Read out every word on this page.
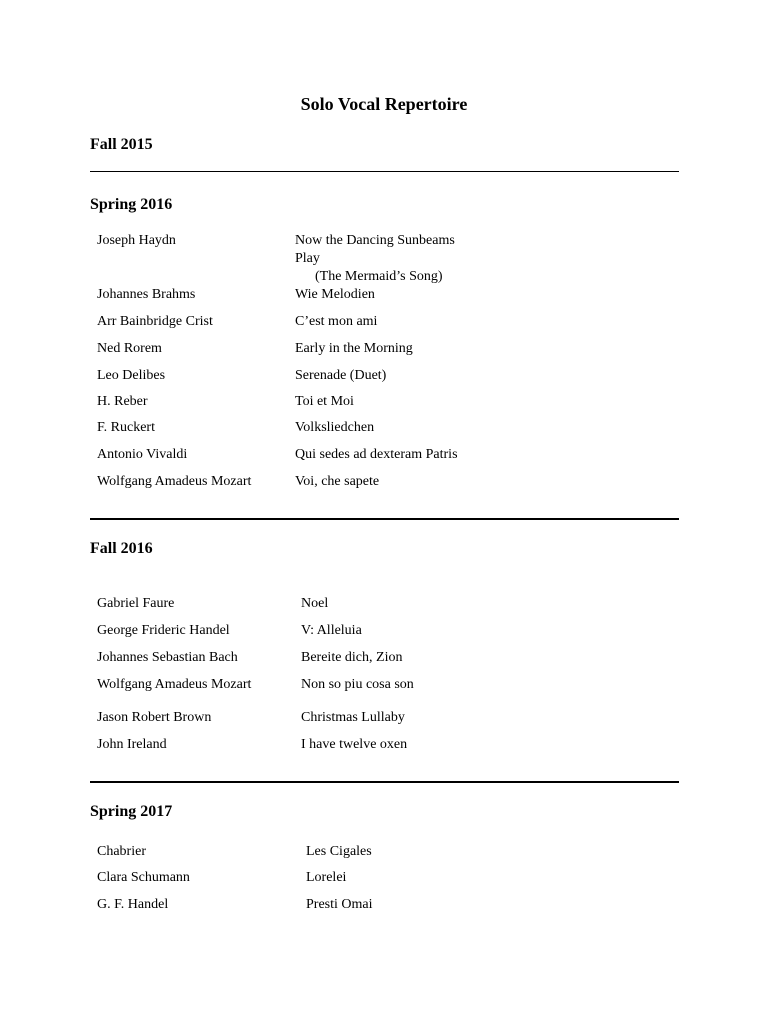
Solo Vocal Repertoire
Fall 2015
Spring 2016
Joseph Haydn	Now the Dancing Sunbeams
Play
(The Mermaid’s Song)
Johannes Brahms	Wie Melodien
Arr Bainbridge Crist	C’est mon ami
Ned Rorem	Early in the Morning
Leo Delibes	Serenade (Duet)
H. Reber	Toi et Moi
F. Ruckert	Volksliedchen
Antonio Vivaldi	Qui sedes ad dexteram Patris
Wolfgang Amadeus Mozart	Voi, che sapete
Fall 2016
Gabriel Faure	Noel
George Frideric Handel	V: Alleluia
Johannes Sebastian Bach	Bereite dich, Zion
Wolfgang Amadeus Mozart	Non so piu cosa son
Jason Robert Brown	Christmas Lullaby
John Ireland	I have twelve oxen
Spring 2017
Chabrier	Les Cigales
Clara Schumann	Lorelei
G. F. Handel	Presti Omai
